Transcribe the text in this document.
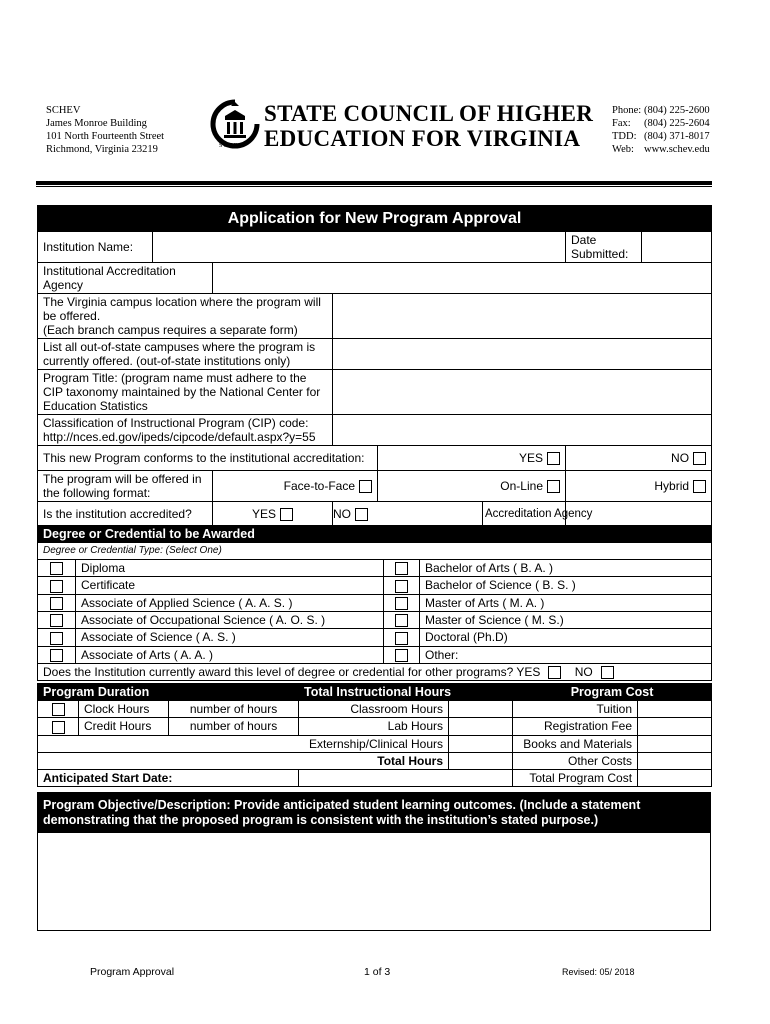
SCHEV
James Monroe Building
101 North Fourteenth Street
Richmond, Virginia 23219	SCHEV
STATE COUNCIL OF HIGHER
EDUCATION FOR VIRGINIA
Phone: (804) 225-2600
Fax: (804) 225-2604
TDD: (804) 371-8017
Web: www.schev.edu
Application for New Program Approval							
Institution Name:						Date Submitted:	
Institutional Accreditation Agency							

The Virginia campus location where the program will be offered.
(Each branch campus requires a separate form)							

List all out-of-state campuses where the program is currently offered. (out-of-state institutions only)							
Program Title: (program name must adhere to the CIP taxonomy maintained by the National Center for Education Statistics							
Classification of Instructional Program (CIP) code: http://nces.ed.gov/ipeds/cipcode/default.aspx?y=55							
This new Program conforms to the institutional accreditation:				YES		NO	
The program will be offered in the following format:		Face-to-Face		On-Line		Hybrid	
Is the institution accredited?		YES	NO		Accreditation Agency		
Degree or Credential to be Awarded			
Degree or Credential Type: (Select One)			
	Diploma		Bachelor of Arts ( B. A. )
	Certificate		Bachelor of Science ( B. S. )
	Associate of Applied Science ( A. A. S. )		Master of Arts ( M. A. )
	Associate of Occupational Science ( A. O. S. )		Master of Science ( M. S.)
	Associate of Science ( A. S. )		Doctoral (Ph.D)
	Associate of Arts ( A. A. )		Other:
Does the Institution currently award this level of degree or credential for other programs? YES NO			
Program Duration			Total Instructional Hours		Program Cost	
	Clock Hours	number of hours	Classroom Hours		Tuition	
	Credit Hours	number of hours	Lab Hours		Registration Fee	
Externship/Clinical Hours					Books and Materials	
Total Hours					Other Costs	
Anticipated Start Date:					Total Program Cost	
Program Objective/Description: Provide anticipated student learning outcomes. (Include a statement demonstrating that the proposed program is consistent with the institution’s stated purpose.)

Program Approval	1 of 3	Revised: 05/ 2018
